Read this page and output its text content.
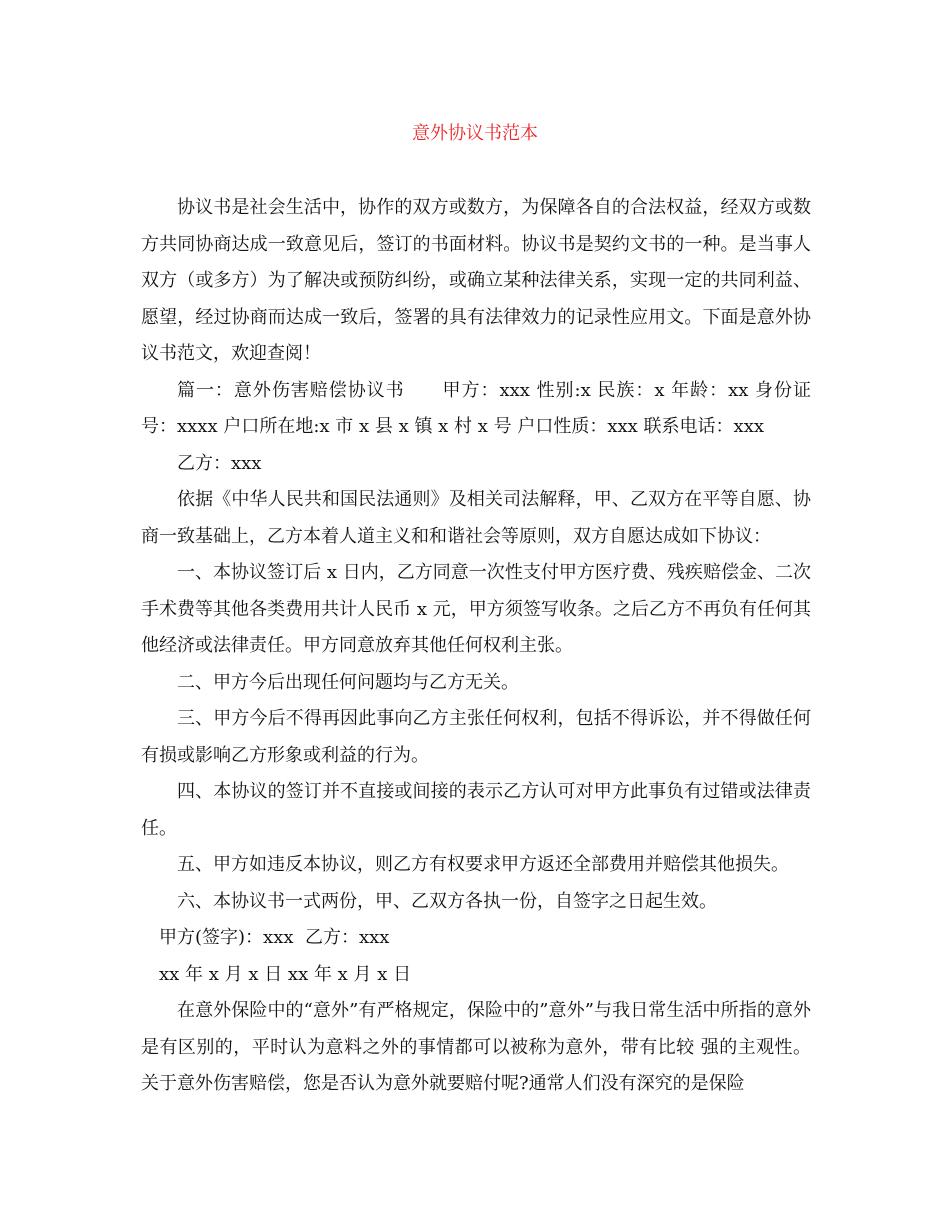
意外协议书范本

协议书是社会生活中，协作的双方或数方，为保障各自的合法权益，经双方或数方共同协商达成一致意见后，签订的书面材料。协议书是契约文书的一种。是当事人双方（或多方）为了解决或预防纠纷，或确立某种法律关系，实现一定的共同利益、愿望，经过协商而达成一致后，签署的具有法律效力的记录性应用文。下面是意外协议书范文，欢迎查阅！

篇一：意外伤害赔偿协议书　　甲方：xxx 性别:x 民族：x 年龄：xx 身份证号：xxxx 户口所在地:x 市 x 县 x 镇 x 村 x 号 户口性质：xxx 联系电话：xxx

乙方：xxx

依据《中华人民共和国民法通则》及相关司法解释，甲、乙双方在平等自愿、协商一致基础上，乙方本着人道主义和和谐社会等原则，双方自愿达成如下协议：

一、本协议签订后 x 日内，乙方同意一次性支付甲方医疗费、残疾赔偿金、二次手术费等其他各类费用共计人民币 x 元，甲方须签写收条。之后乙方不再负有任何其他经济或法律责任。甲方同意放弃其他任何权利主张。

二、甲方今后出现任何问题均与乙方无关。

三、甲方今后不得再因此事向乙方主张任何权利，包括不得诉讼，并不得做任何有损或影响乙方形象或利益的行为。

四、本协议的签订并不直接或间接的表示乙方认可对甲方此事负有过错或法律责任。

五、甲方如违反本协议，则乙方有权要求甲方返还全部费用并赔偿其他损失。

六、本协议书一式两份，甲、乙双方各执一份，自签字之日起生效。

甲方(签字)：xxx  乙方：xxx

xx 年 x 月 x 日 xx 年 x 月 x 日

在意外保险中的“意外”有严格规定，保险中的”意外”与我日常生活中所指的意外是有区别的，平时认为意料之外的事情都可以被称为意外，带有比较 强的主观性。关于意外伤害赔偿，您是否认为意外就要赔付呢?通常人们没有深究的是保险
